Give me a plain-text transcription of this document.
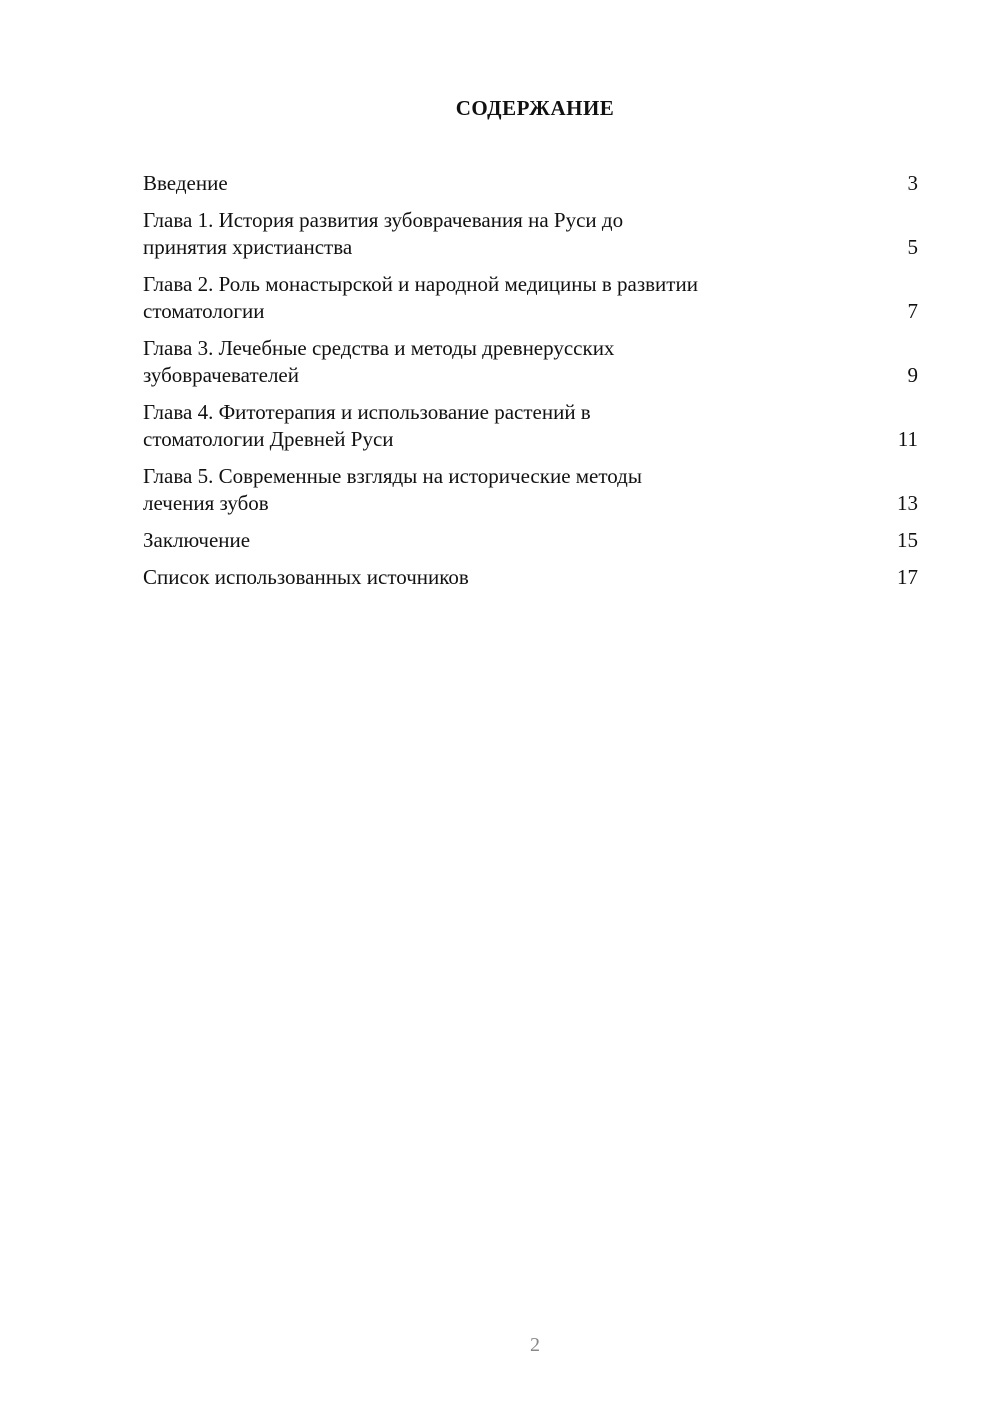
СОДЕРЖАНИЕ
Введение	3
Глава 1. История развития зубоврачевания на Руси до
принятия христианства	5
Глава 2. Роль монастырской и народной медицины в развитии
стоматологии	7
Глава 3. Лечебные средства и методы древнерусских
зубоврачевателей	9
Глава 4. Фитотерапия и использование растений в
стоматологии Древней Руси	11
Глава 5. Современные взгляды на исторические методы
лечения зубов	13
Заключение	15
Список использованных источников	17
2
